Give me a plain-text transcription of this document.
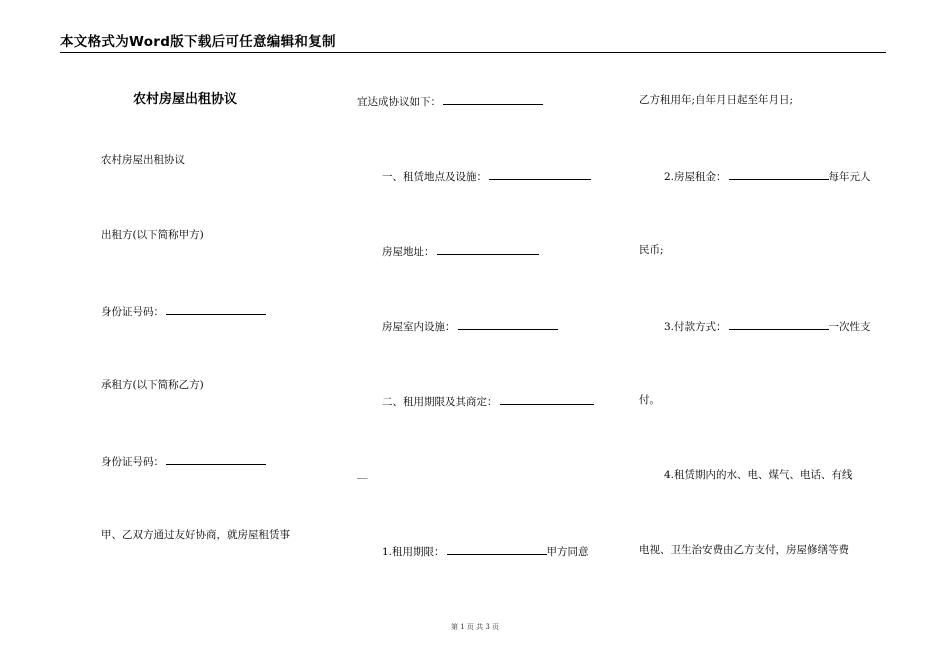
本文格式为Word版下载后可任意编辑和复制
农村房屋出租协议
农村房屋出租协议
出租方(以下简称甲方)
身份证号码：
承租方(以下简称乙方)
身份证号码：
甲、乙双方通过友好协商，就房屋租赁事
宜达成协议如下：
一、租赁地点及设施：
房屋地址：
房屋室内设施：
二、租用期限及其商定：
__
1.租用期限：	甲方同意
乙方租用年;自年月日起至年月日;
2.房屋租金：	每年元人
民币;
3.付款方式：	一次性支
付。
4.租赁期内的水、电、煤气、电话、有线
电视、卫生治安费由乙方支付，房屋修缮等费
第 1 页 共 3 页
